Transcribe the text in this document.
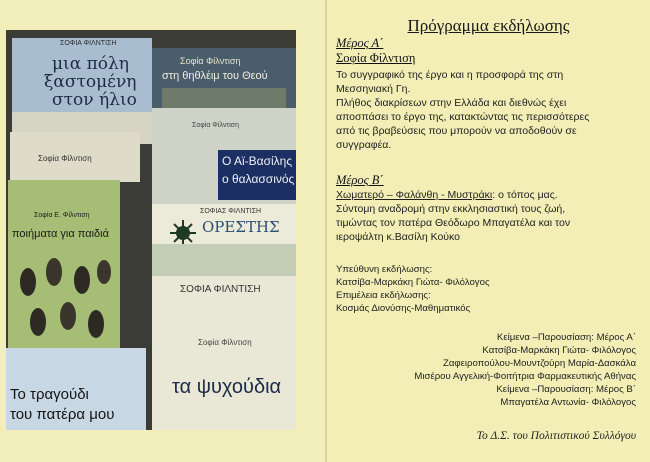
ΣΟΦΙΑ ΦΙΛΝΤΙΣΗ
μια πόλη
ξαστομένη
στον ήλιο
Σοφία Φίλντιση
στη θηθλέιμ του Θεού
Σοφία Φίλντιση
Σοφία Φίλντιση
Ο Αϊ-Βασίλης
ο θαλασσινός
Σοφία Ε. Φίλντιση
ποιήματα για παιδιά
ΣΟΦΙΑΣ ΦΙΛΝΤΙΣΗ
ΟΡΕΣΤΗΣ
ΣΟΦΙΑ ΦΙΛΝΤΙΣΗ
Σοφία Φίλντιση
τα ψυχούδια
Το τραγούδι
του πατέρα μου
Πρόγραμμα εκδήλωσης
Μέρος Α΄
Σοφία Φίλντιση
Το συγγραφικό της έργο και η προσφορά της στη
Μεσσηνιακή Γη.
Πλήθος διακρίσεων στην Ελλάδα και διεθνώς έχει
αποσπάσει το έργο της, κατακτώντας τις περισσότερες
από τις βραβεύσεις που μπορούν να αποδοθούν σε
συγγραφέα.
Μέρος Β΄
Χωματερό – Φαλάνθη - Μυστράκι: ο τόπος μας.
Σύντομη αναδρομή στην εκκλησιαστική τους ζωή,
τιμώντας τον πατέρα Θεόδωρο Μπαγατέλα και τον
ιεροψάλτη κ.Βασίλη Κούκο
Υπεύθυνη εκδήλωσης:
Κατσίβα-Μαρκάκη Γιώτα- Φιλόλογος
Επιμέλεια εκδήλωσης:
Κοσμάς Διονύσης-Μαθηματικός
Κείμενα –Παρουσίαση: Μέρος Α΄
Κατσίβα-Μαρκάκη Γιώτα- Φιλόλογος
Ζαφειροπούλου-Μουντζούρη Μαρία-Δασκάλα
Μισέρου Αγγελική-Φοιτήτρια Φαρμακευτικής Αθήνας
Κείμενα –Παρουσίαση: Μέρος Β΄
Μπαγατέλα Αντωνία- Φιλόλογος
Το Δ.Σ. του Πολιτιστικού Συλλόγου
